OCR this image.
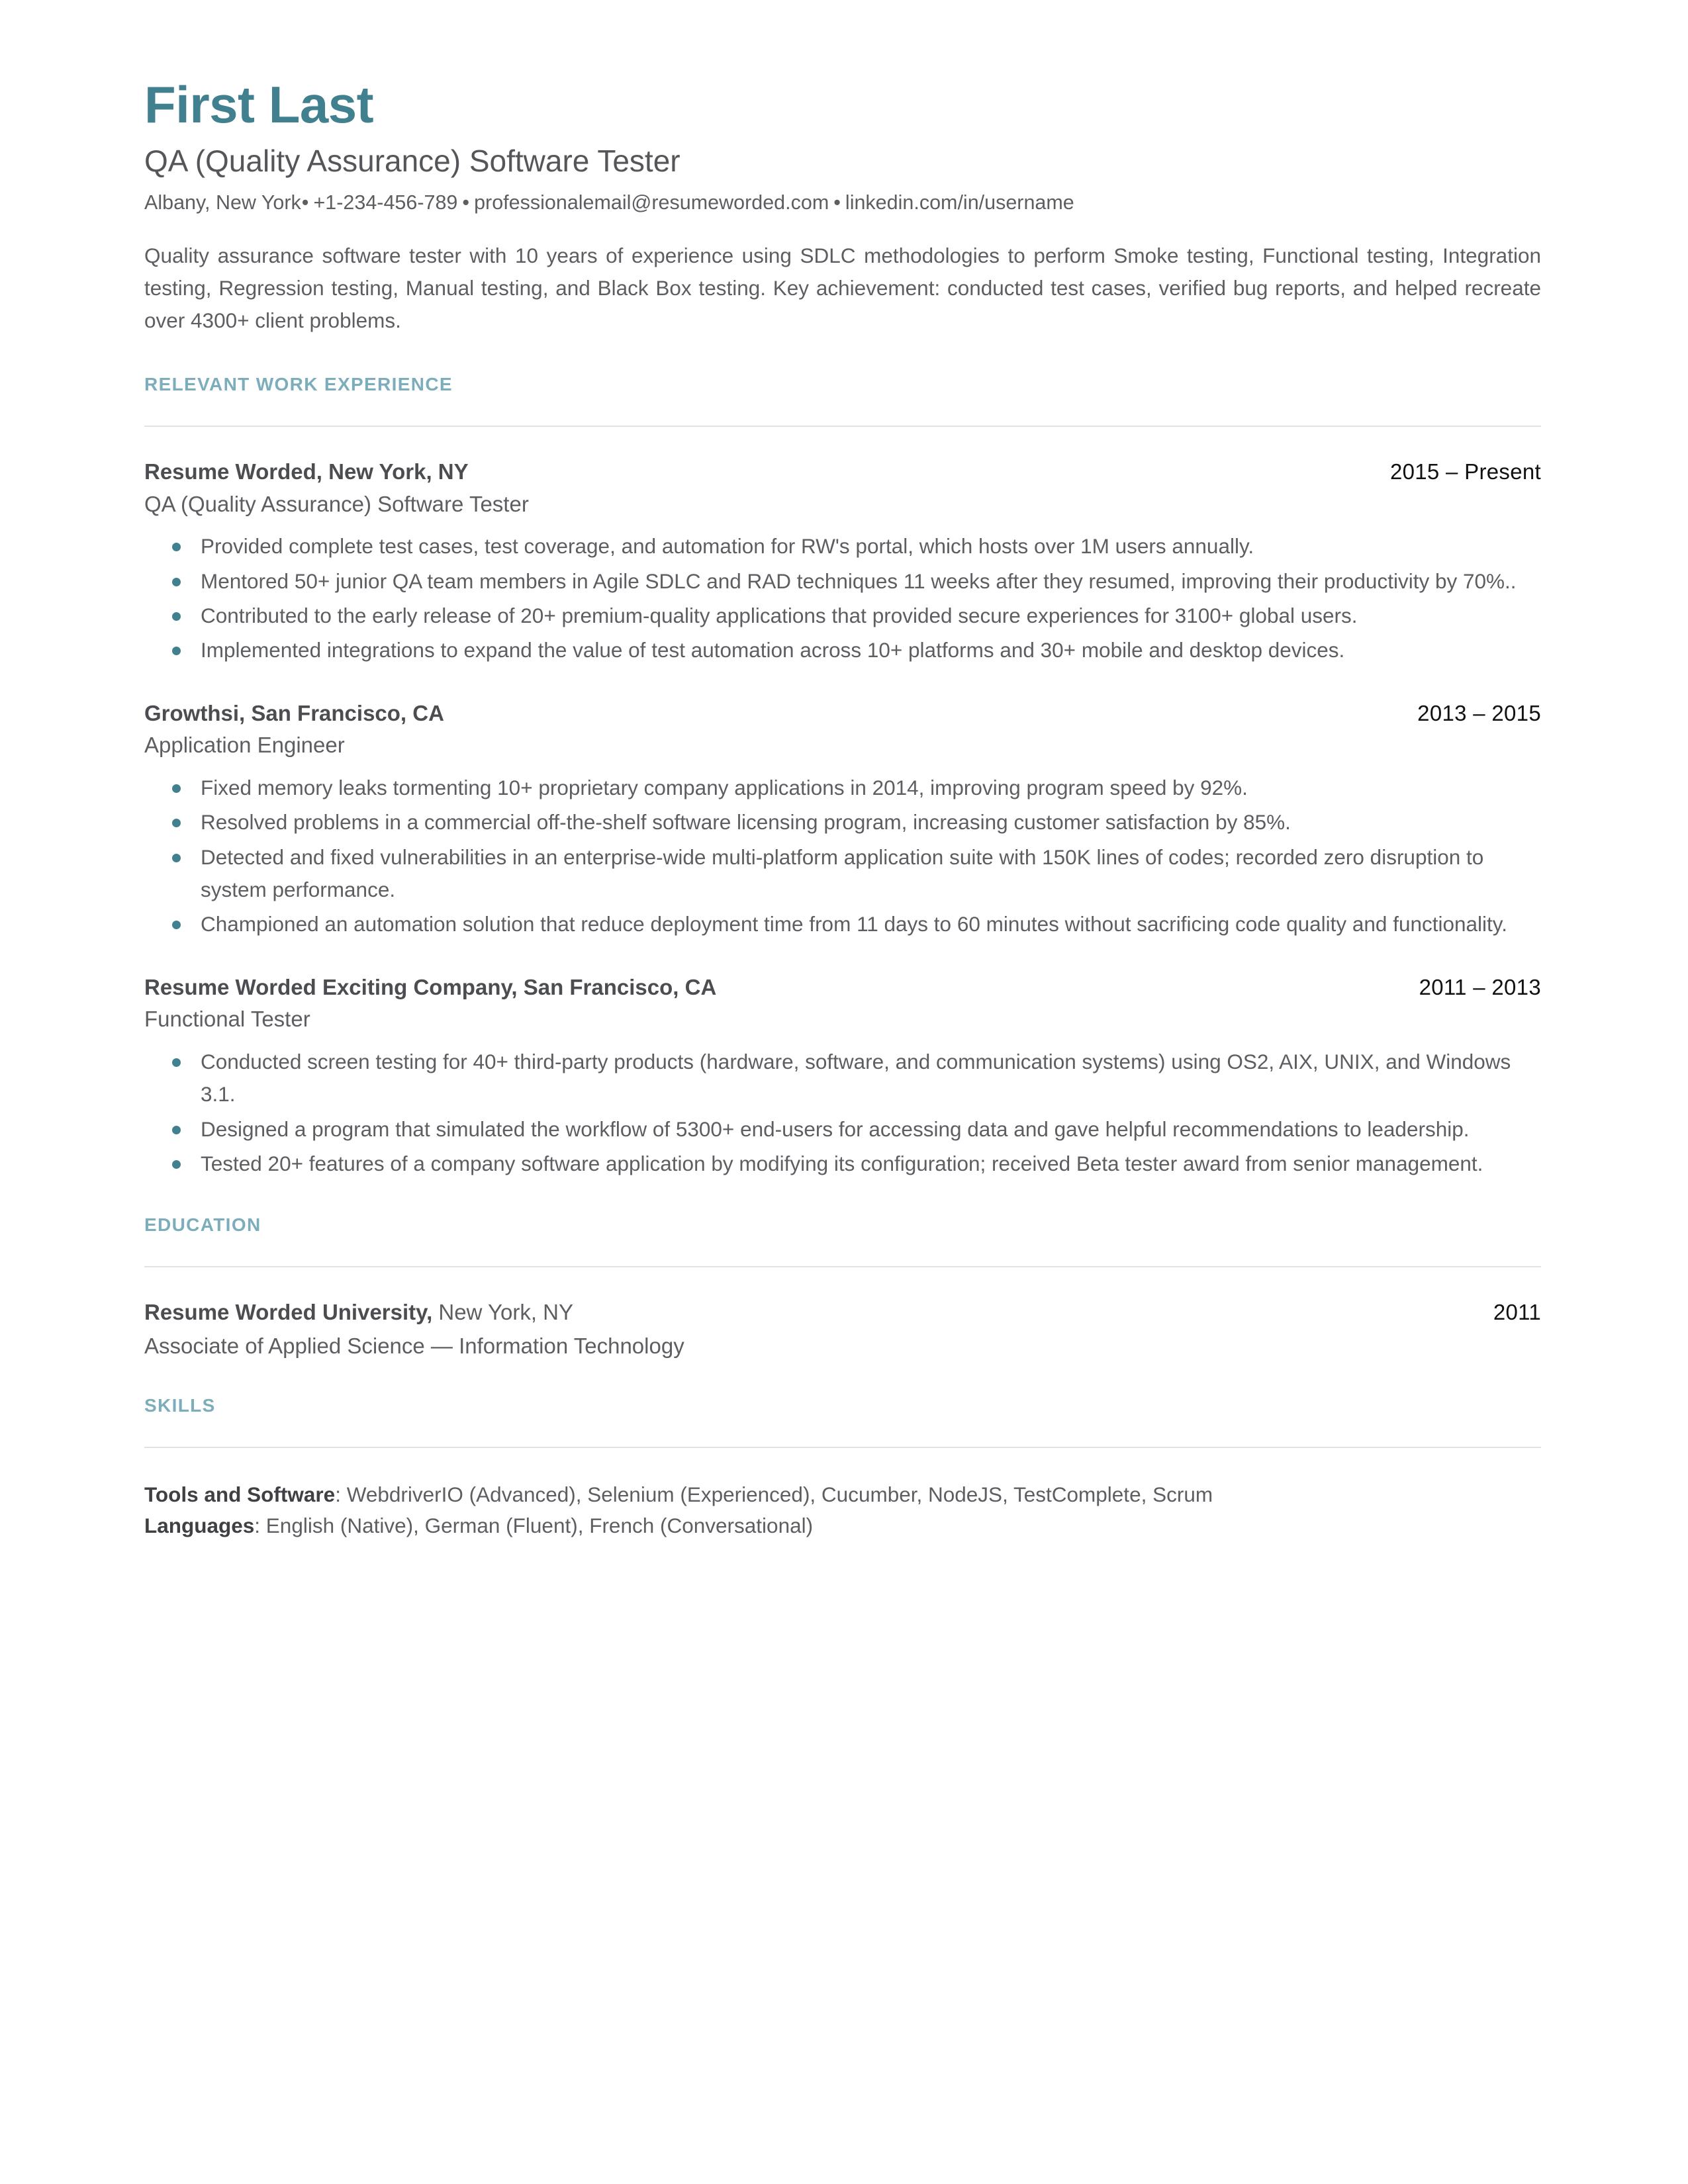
First Last
QA (Quality Assurance) Software Tester
Albany, New York• +1-234-456-789 • professionalemail@resumeworded.com • linkedin.com/in/username

Quality assurance software tester with 10 years of experience using SDLC methodologies to perform Smoke testing, Functional testing, Integration testing, Regression testing, Manual testing, and Black Box testing. Key achievement: conducted test cases, verified bug reports, and helped recreate over 4300+ client problems.

RELEVANT WORK EXPERIENCE
Resume Worded, New York, NY	2015 – Present
QA (Quality Assurance) Software Tester
Provided complete test cases, test coverage, and automation for RW's portal, which hosts over 1M users annually.
Mentored 50+ junior QA team members in Agile SDLC and RAD techniques 11 weeks after they resumed, improving their productivity by 70%..
Contributed to the early release of 20+ premium-quality applications that provided secure experiences for 3100+ global users.
Implemented integrations to expand the value of test automation across 10+ platforms and 30+ mobile and desktop devices.
Growthsi, San Francisco, CA	2013 – 2015
Application Engineer
Fixed memory leaks tormenting 10+ proprietary company applications in 2014, improving program speed by 92%.
Resolved problems in a commercial off-the-shelf software licensing program, increasing customer satisfaction by 85%.
Detected and fixed vulnerabilities in an enterprise-wide multi-platform application suite with 150K lines of codes; recorded zero disruption to system performance.
Championed an automation solution that reduce deployment time from 11 days to 60 minutes without sacrificing code quality and functionality.
Resume Worded Exciting Company, San Francisco, CA	2011 – 2013
Functional Tester
Conducted screen testing for 40+ third-party products (hardware, software, and communication systems) using OS2, AIX, UNIX, and Windows 3.1.
Designed a program that simulated the workflow of 5300+ end-users for accessing data and gave helpful recommendations to leadership.
Tested 20+ features of a company software application by modifying its configuration; received Beta tester award from senior management.
EDUCATION
Resume Worded University, New York, NY	2011
Associate of Applied Science — Information Technology
SKILLS
Tools and Software: WebdriverIO (Advanced), Selenium (Experienced), Cucumber, NodeJS, TestComplete, Scrum
Languages: English (Native), German (Fluent), French (Conversational)
